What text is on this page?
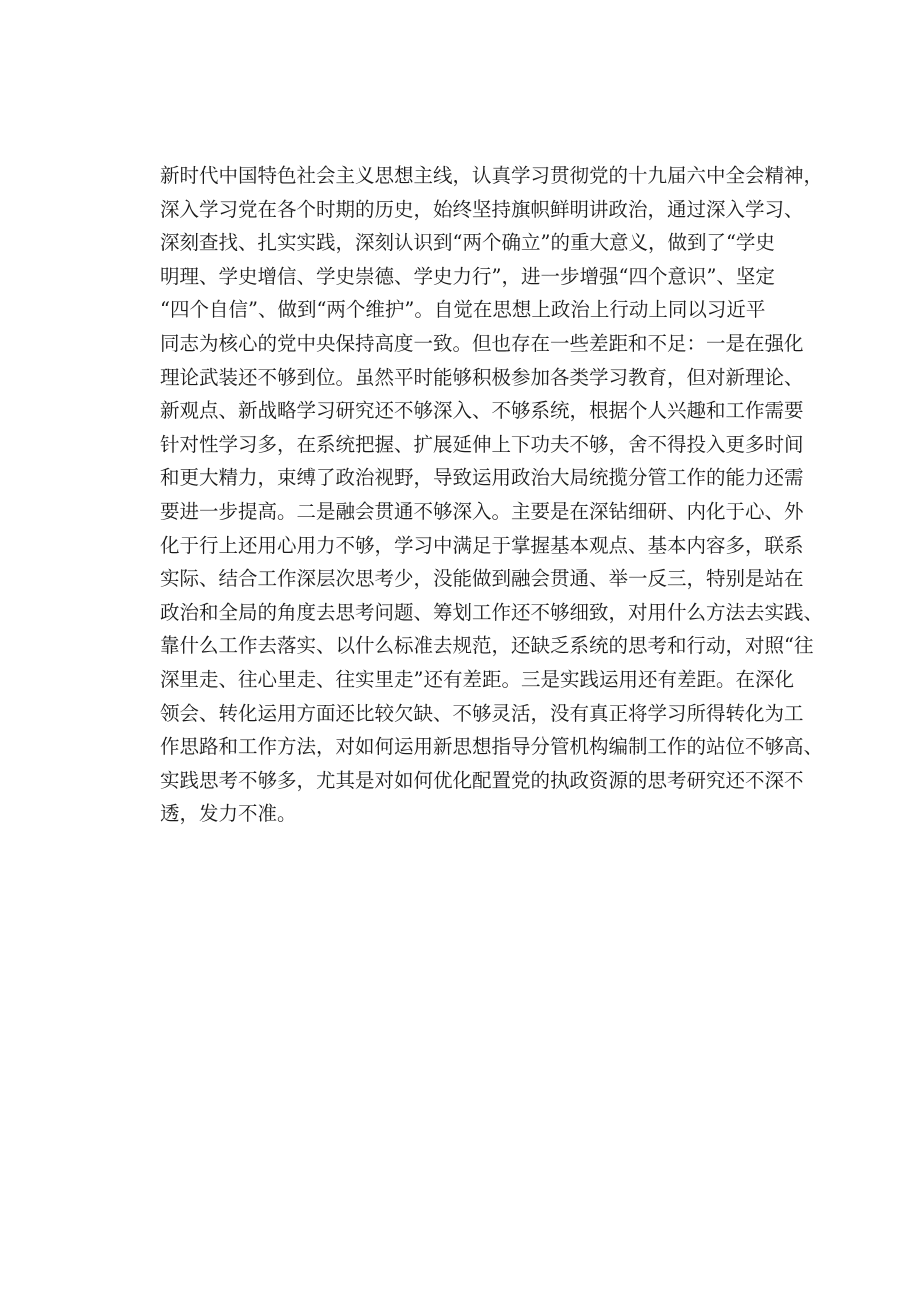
新时代中国特色社会主义思想主线，认真学习贯彻党的十九届六中全会精神，
深入学习党在各个时期的历史，始终坚持旗帜鲜明讲政治，通过深入学习、
深刻查找、扎实实践，深刻认识到“两个确立”的重大意义，做到了“学史
明理、学史增信、学史崇德、学史力行”，进一步增强“四个意识”、坚定
“四个自信”、做到“两个维护”。自觉在思想上政治上行动上同以习近平
同志为核心的党中央保持高度一致。但也存在一些差距和不足：一是在强化
理论武装还不够到位。虽然平时能够积极参加各类学习教育，但对新理论、
新观点、新战略学习研究还不够深入、不够系统，根据个人兴趣和工作需要
针对性学习多，在系统把握、扩展延伸上下功夫不够，舍不得投入更多时间
和更大精力，束缚了政治视野，导致运用政治大局统揽分管工作的能力还需
要进一步提高。二是融会贯通不够深入。主要是在深钻细研、内化于心、外
化于行上还用心用力不够，学习中满足于掌握基本观点、基本内容多，联系
实际、结合工作深层次思考少，没能做到融会贯通、举一反三，特别是站在
政治和全局的角度去思考问题、筹划工作还不够细致，对用什么方法去实践、
靠什么工作去落实、以什么标准去规范，还缺乏系统的思考和行动，对照“往
深里走、往心里走、往实里走”还有差距。三是实践运用还有差距。在深化
领会、转化运用方面还比较欠缺、不够灵活，没有真正将学习所得转化为工
作思路和工作方法，对如何运用新思想指导分管机构编制工作的站位不够高、
实践思考不够多，尤其是对如何优化配置党的执政资源的思考研究还不深不
透，发力不准。
